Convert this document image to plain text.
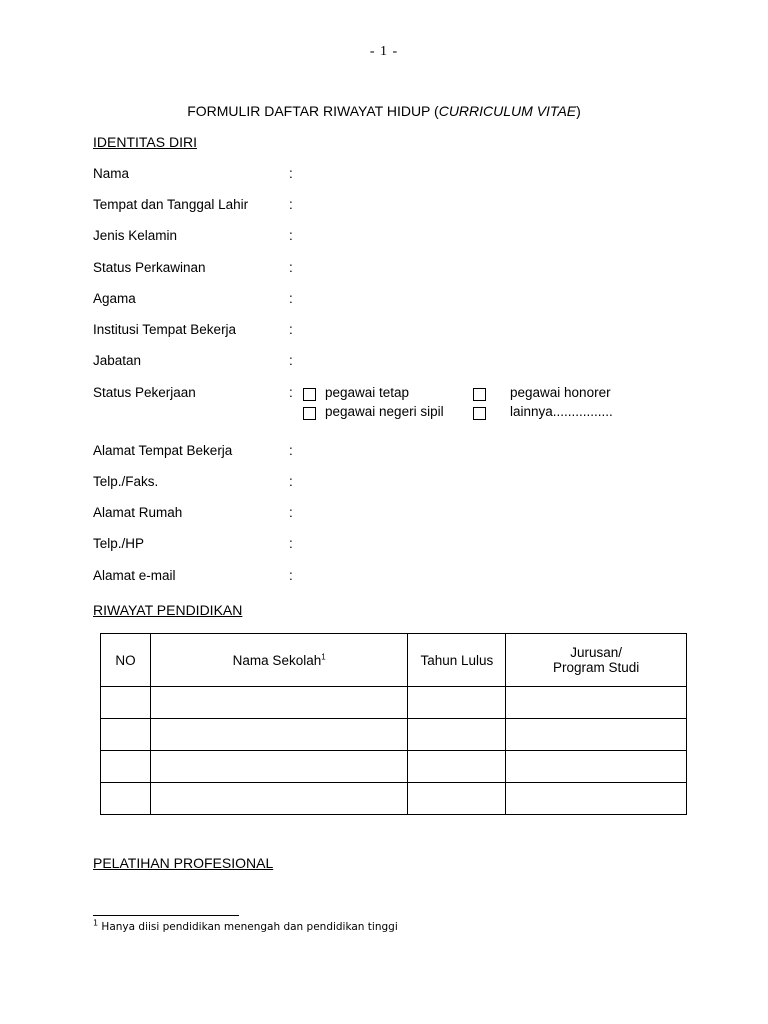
- 1 -
FORMULIR DAFTAR RIWAYAT HIDUP (CURRICULUM VITAE)
IDENTITAS DIRI
Nama	:
Tempat dan Tanggal Lahir	:
Jenis Kelamin	:
Status Perkawinan	:
Agama	:
Institusi Tempat Bekerja	:
Jabatan	:
Status Pekerjaan	: pegawai tetap	pegawai honorer
pegawai negeri sipil	lainnya................
Alamat Tempat Bekerja	:
Telp./Faks.	:
Alamat Rumah	:
Telp./HP	:
Alamat e-mail	:
RIWAYAT PENDIDIKAN
NO	Nama Sekolah$^1$	Tahun Lulus	Jurusan/
Program Studi

PELATIHAN PROFESIONAL
$^1$ Hanya diisi pendidikan menengah dan pendidikan tinggi
